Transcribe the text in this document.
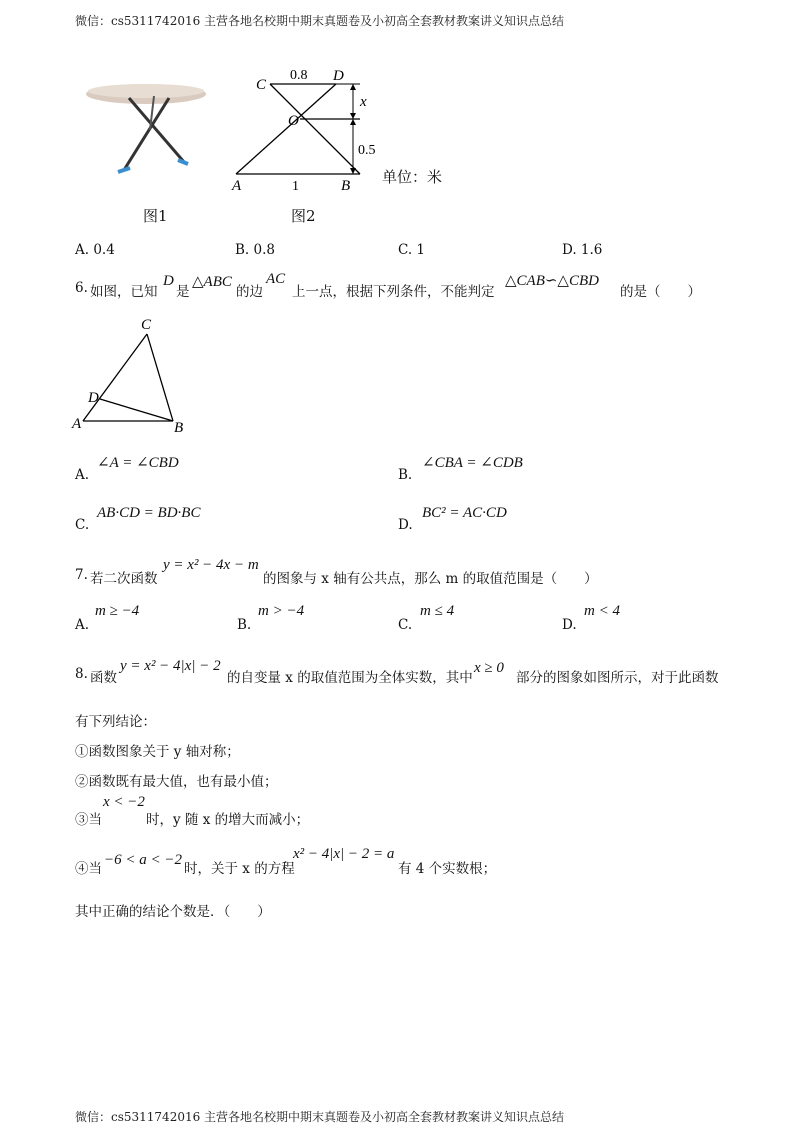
微信：cs5311742016 主营各地名校期中期末真题卷及小初高全套教材教案讲义知识点总结
图1
C
D
O
A	B
0.8
x
0.5
1
单位：米
图2
A. 0.4	B. 0.8	C. 1	D. 1.6
6. 如图，已知
D
是
△ABC
的边
AC
上一点，根据下列条件，不能判定
△CAB∽△CBD
的是（　　）
C
D
A	B
A.
∠A = ∠CBD
B.
∠CBA = ∠CDB
C.
AB·CD = BD·BC
D.
BC² = AC·CD
7. 若二次函数
y = x² − 4x − m
的图象与 x 轴有公共点，那么 m 的取值范围是（　　）
A.
m ≥ −4
B.
m > −4
C.
m ≤ 4
D.
m < 4
8. 函数
y = x² − 4|x| − 2
的自变量 x 的取值范围为全体实数，其中
x ≥ 0
部分的图象如图所示，对于此函数
有下列结论：
①函数图象关于 y 轴对称；
②函数既有最大值，也有最小值；
③当
x < −2
时，y 随 x 的增大而减小；
④当
−6 < a < −2
时，关于 x 的方程
x² − 4|x| − 2 = a
有 4 个实数根；
其中正确的结论个数是．（　　）
微信：cs5311742016 主营各地名校期中期末真题卷及小初高全套教材教案讲义知识点总结
